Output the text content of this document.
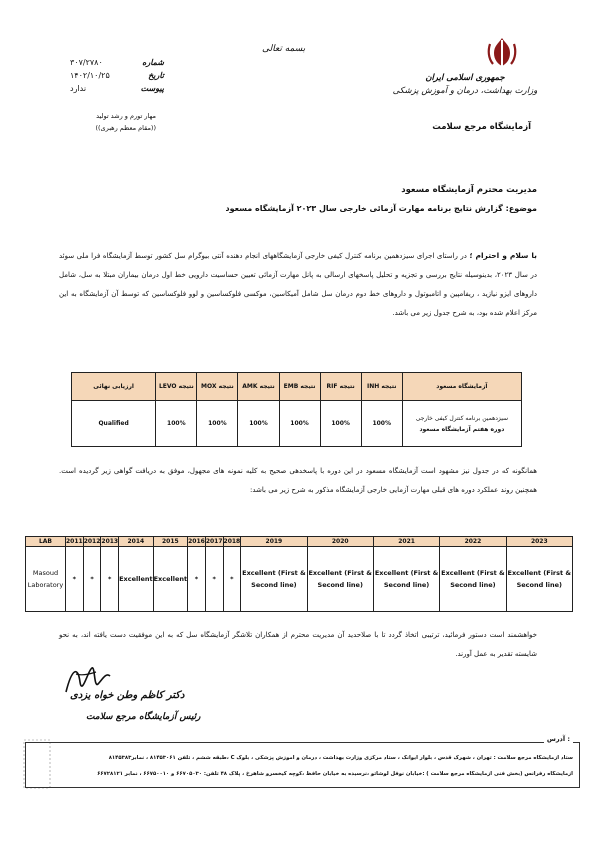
بسمه تعالی
جمهوری اسلامی ایران
وزارت بهداشت، درمان و آموزش پزشکی
آزمایشگاه مرجع سلامت
شماره
۳۰۷/۲۷۸۰
تاریخ
۱۴۰۲/۱۰/۲۵
پیوست
ندارد
مهار تورم و رشد تولید
((مقام معظم رهبری))
مدیریت محترم آزمایشگاه مسعود
موضوع: گزارش نتایج برنامه مهارت آزمائی خارجی سال ۲۰۲۳ آزمایشگاه مسعود
با سلام و احترام ؛ در راستای اجرای سیزدهمین برنامه کنترل کیفی خارجی آزمایشگاههای انجام دهنده آنتی بیوگرام سل کشور توسط آزمایشگاه فرا ملی سوئد در سال ۲۰۲۳، بدینوسیله نتایج بررسی و تجزیه و تحلیل پاسخهای ارسالی به پانل مهارت آزمائی تعیین حساسیت دارویی خط اول درمان بیماران مبتلا به سل، شامل داروهای ایزو نیازید ، ریفامپین و اتامبوتول و داروهای خط دوم درمان سل شامل آمیکاسین، موکسی فلوکساسین و لوو فلوکساسین که توسط آن آزمایشگاه به این مرکز اعلام شده بود، به شرح جدول زیر می باشد.
آزمایشگاه مسعود	نتیجه INH	نتیجه RIF	نتیجه EMB	نتیجه AMK	نتیجه MOX	نتیجه LEVO	ارزیابی نهائی

سیزدهمین برنامه کنترل کیفی خارجی
دوره هفتم آزمایشگاه مسعود	100%	100%	100%	100%	100%	100%	Qualified
همانگونه که در جدول نیز مشهود است آزمایشگاه مسعود در این دوره با پاسخدهی صحیح به کلیه نمونه های مجهول، موفق به دریافت گواهی زیر گردیده است. همچنین روند عملکرد دوره های قبلی مهارت آزمایی خارجی آزمایشگاه مذکور به شرح زیر می باشد:
LAB	2011	2012	2013	2014	2015	2016	2017	2018	2019	2020	2021	2022	2023
Masoud Laboratory	*	*	*	Excellent	Excellent	*	*	*	Excellent (First & Second line)	Excellent (First & Second line)	Excellent (First & Second line)	Excellent (First & Second line)	Excellent (First & Second line)
خواهشمند است دستور فرمائید، ترتیبی اتخاذ گردد تا با صلاحدید آن مدیریت محترم از همکاران تلاشگر آزمایشگاه سل که به این موفقیت دست یافته اند، به نحو شایسته تقدیر به عمل آورند.
دکتر کاظم وطن خواه یزدی
رئیس آزمایشگاه مرجع سلامت
آدرس :
ستاد آزمایشگاه مرجع سلامت : تهران ، شهرک قدس ، بلوار ایوانک ، ستاد مرکزی وزارت بهداشت ، درمان و آموزش پزشکی ، بلوک C ،طبقه ششم ، تلفن ۸۱۴۵۳۰۶۱ ، نمابر۸۱۴۵۳۸۳
آزمایشگاه رفرانس (بخش فنی آزمایشگاه مرجع سلامت ) :خیابان نوفل لوشاتو ،نرسیده به خیابان حافظ ،کوچه کیخسرو شاهرخ ، پلاک ۴۸ تلفن: ۶۶۷۰۵۰۳۰ و ۶۶۷۵۰۰۱۰ ، نمابر ۶۶۷۲۸۱۲۱
